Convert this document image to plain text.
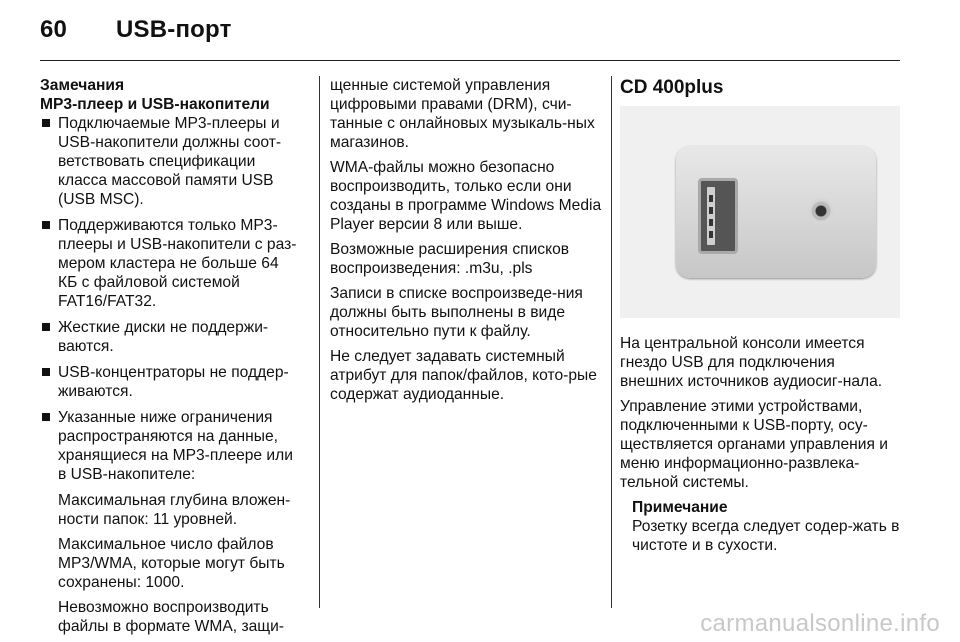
60 USB-порт

Замечания

MP3-плеер и USB-накопители

Подключаемые MP3-плееры и USB-накопители должны соот-ветствовать спецификации класса массовой памяти USB (USB MSC).
Поддерживаются только MP3-плееры и USB-накопители с раз-мером кластера не больше 64 КБ с файловой системой FAT16/FAT32.
Жесткие диски не поддержи-ваются.
USB-концентраторы не поддер-живаются.
Указанные ниже ограничения распространяются на данные, хранящиеся на MP3-плеере или в USB-накопителе:

Максимальная глубина вложен-ности папок: 11 уровней.

Максимальное число файлов MP3/WMA, которые могут быть сохранены: 1000.

Невозможно воспроизводить файлы в формате WMA, защи-

щенные системой управления цифровыми правами (DRM), счи-танные с онлайновых музыкаль-ных магазинов.

WMA-файлы можно безопасно воспроизводить, только если они созданы в программе Windows Media Player версии 8 или выше.

Возможные расширения списков воспроизведения: .m3u, .pls

Записи в списке воспроизведе-ния должны быть выполнены в виде относительно пути к файлу.

Не следует задавать системный атрибут для папок/файлов, кото-рые содержат аудиоданные.

CD 400plus

На центральной консоли имеется гнездо USB для подключения внешних источников аудиосиг-нала.

Управление этими устройствами, подключенными к USB-порту, осу-ществляется органами управления и меню информационно-развлека-тельной системы.

Примечание

Розетку всегда следует содер-жать в чистоте и в сухости.

carmanualsonline.info
